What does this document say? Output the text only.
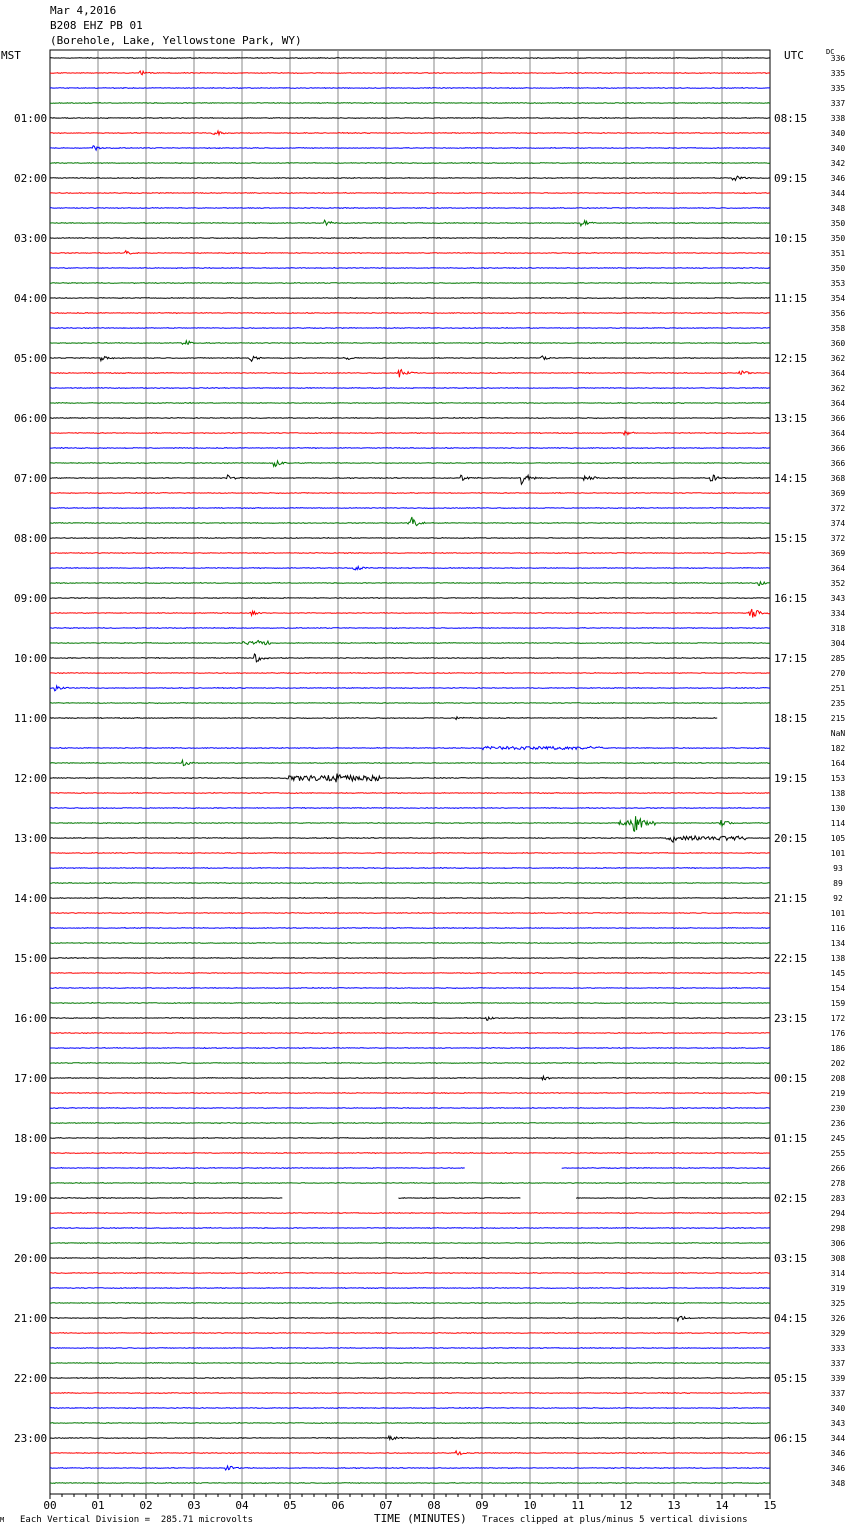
Mar 4,2016
B208 EHZ PB 01
(Borehole, Lake, Yellowstone Park, WY)
MST	UTC	DC
00	01	02	03	04	05	06	07	08	09	10	11	12	13	14	15
336
335
335
337
338
340
340
342
346
344
348
350
350
351
350
353
354
356
358
360
362
364
362
364
366
364
366
366
368
369
372
374
372
369
364
352
343
334
318
304
285
270
251
235
215
NaN
182
164
153
138
130
114
105
101
93
89
92
101
116
134
138
145
154
159
172
176
186
202
208
219
230
236
245
255
266
278
283
294
298
306
308
314
319
325
326
329
333
337
339
337
340
343
344
346
346
348
01:00	08:15
02:00	09:15
03:00	10:15
04:00	11:15
05:00	12:15
06:00	13:15
07:00	14:15
08:00	15:15
09:00	16:15
10:00	17:15
11:00	18:15
12:00	19:15
13:00	20:15
14:00	21:15
15:00	22:15
16:00	23:15
17:00	00:15
18:00	01:15
19:00	02:15
20:00	03:15
21:00	04:15
22:00	05:15
23:00	06:15
M Each Vertical Division =  285.71 microvolts	TIME (MINUTES) Traces clipped at plus/minus 5 vertical divisions
